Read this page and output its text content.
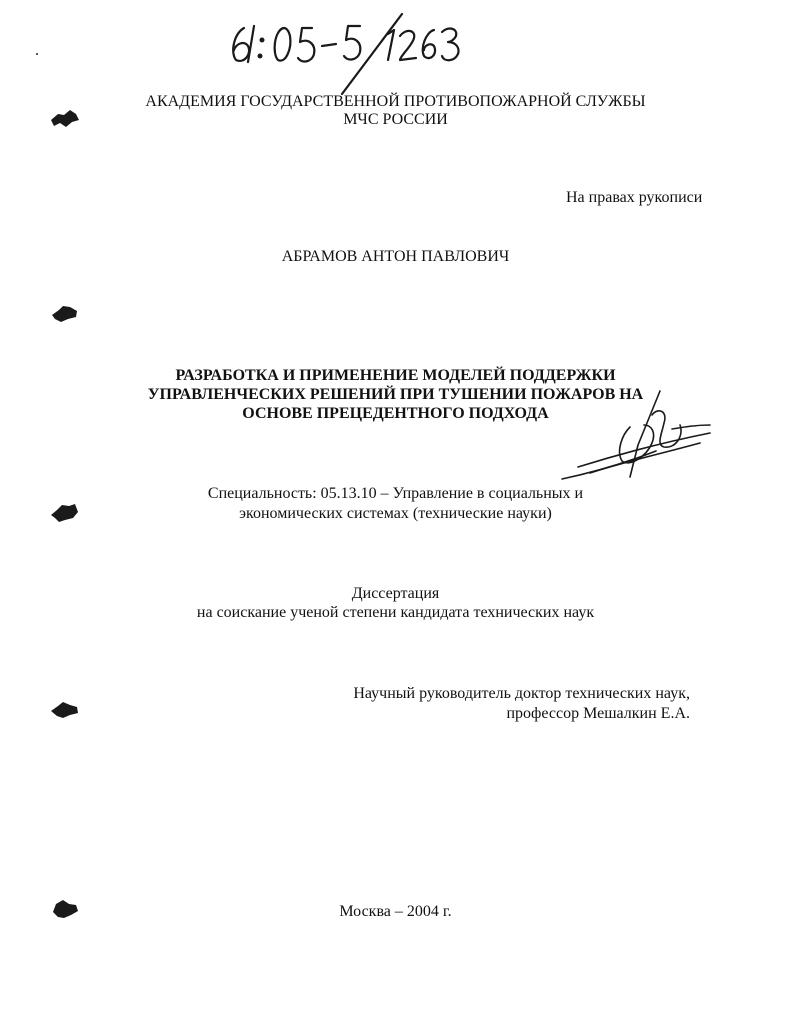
АКАДЕМИЯ ГОСУДАРСТВЕННОЙ ПРОТИВОПОЖАРНОЙ СЛУЖБЫ
МЧС РОССИИ
На правах рукописи
АБРАМОВ АНТОН ПАВЛОВИЧ
РАЗРАБОТКА И ПРИМЕНЕНИЕ МОДЕЛЕЙ ПОДДЕРЖКИ
УПРАВЛЕНЧЕСКИХ РЕШЕНИЙ ПРИ ТУШЕНИИ ПОЖАРОВ НА
ОСНОВЕ ПРЕЦЕДЕНТНОГО ПОДХОДА
Специальность: 05.13.10 – Управление в социальных и
экономических системах (технические науки)
Диссертация
на соискание ученой степени кандидата технических наук
Научный руководитель доктор технических наук,
профессор Мешалкин Е.А.
Москва – 2004 г.
